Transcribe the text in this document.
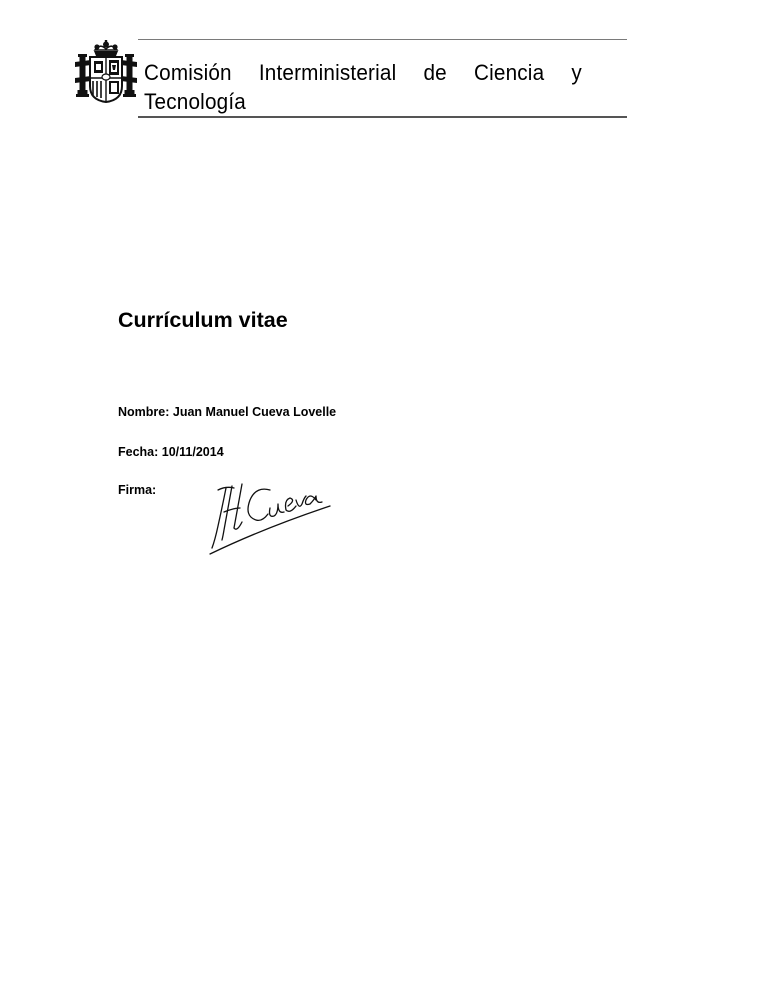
Comisión Interministerial de Ciencia y Tecnología
Currículum vitae

Nombre: Juan Manuel Cueva Lovelle

Fecha: 10/11/2014

Firma:
